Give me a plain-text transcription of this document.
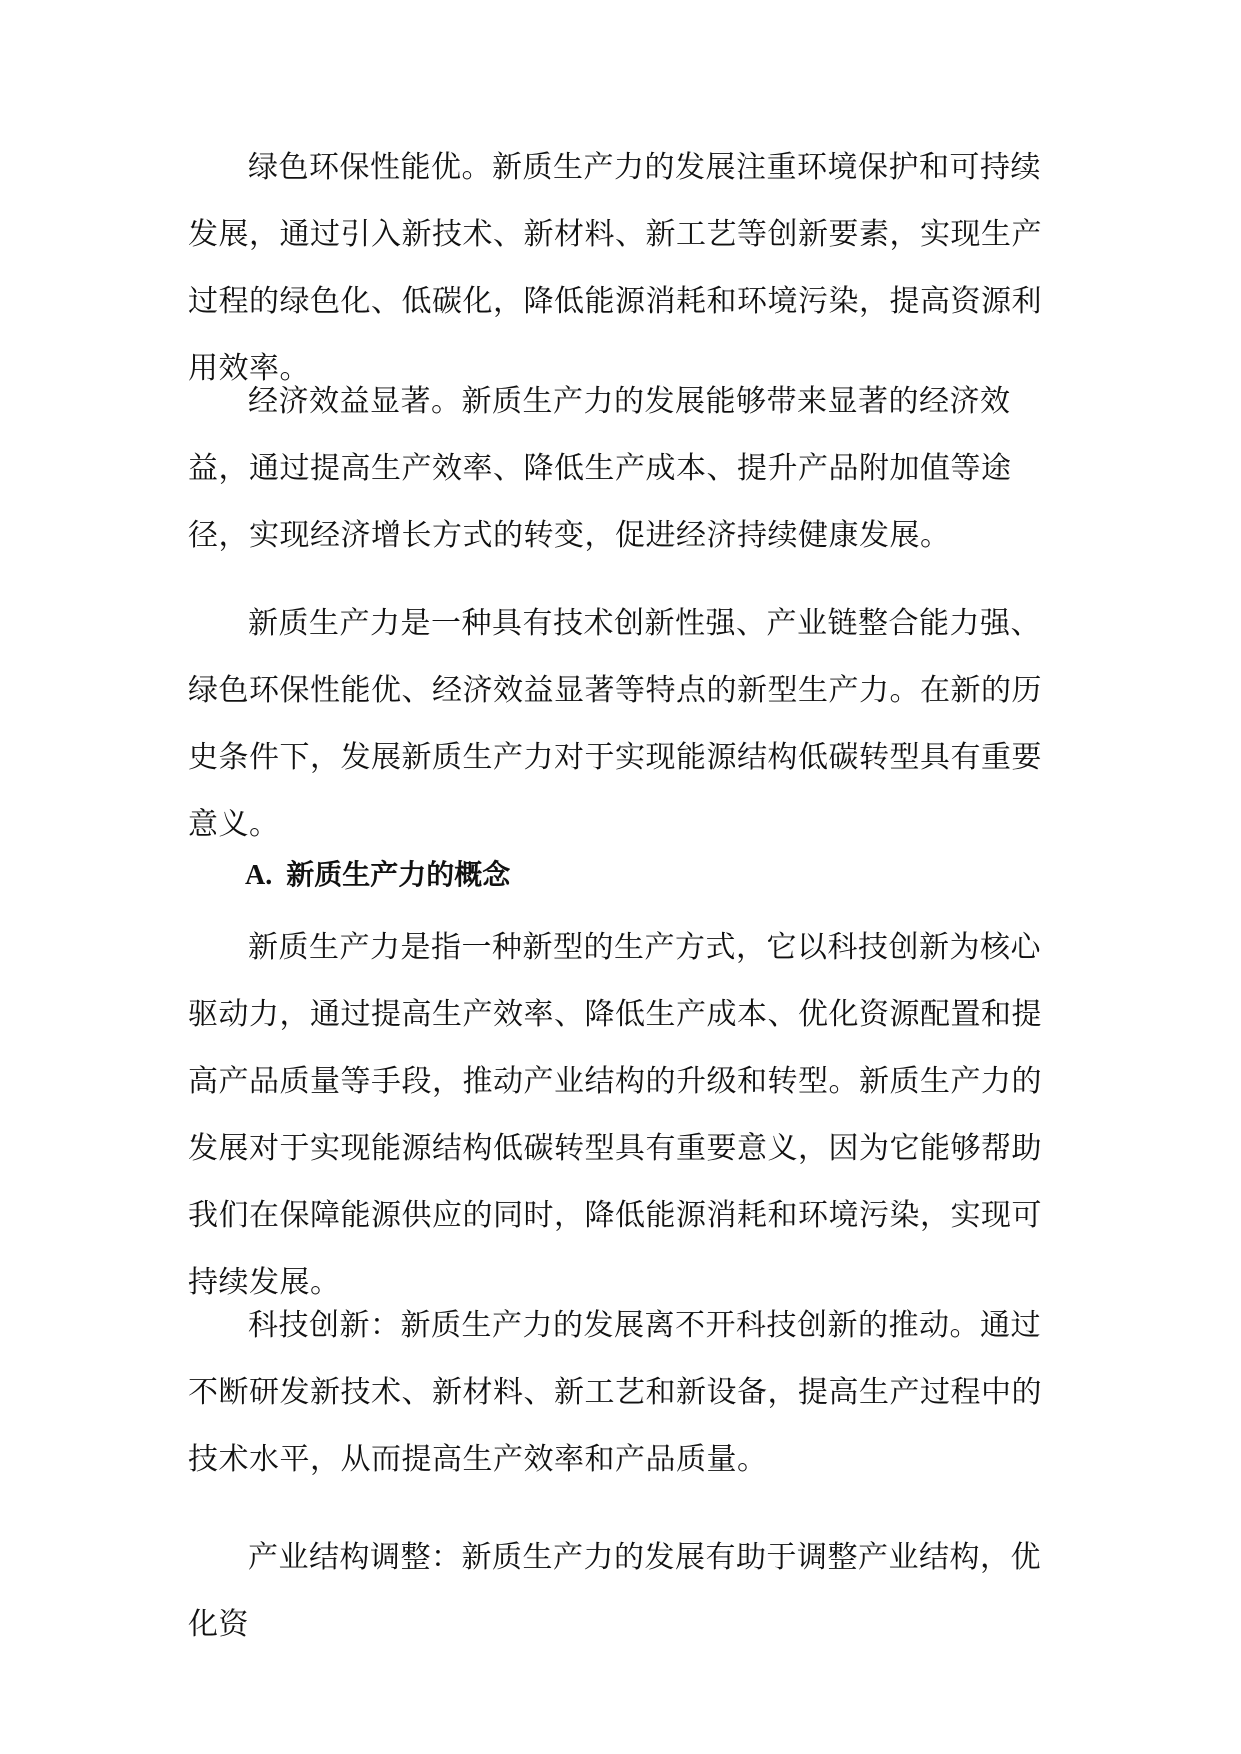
绿色环保性能优。新质生产力的发展注重环境保护和可持续发展，通过引入新技术、新材料、新工艺等创新要素，实现生产过程的绿色化、低碳化，降低能源消耗和环境污染，提高资源利用效率。

经济效益显著。新质生产力的发展能够带来显著的经济效益，通过提高生产效率、降低生产成本、提升产品附加值等途径，实现经济增长方式的转变，促进经济持续健康发展。

新质生产力是一种具有技术创新性强、产业链整合能力强、绿色环保性能优、经济效益显著等特点的新型生产力。在新的历史条件下，发展新质生产力对于实现能源结构低碳转型具有重要意义。

A. 新质生产力的概念

新质生产力是指一种新型的生产方式，它以科技创新为核心驱动力，通过提高生产效率、降低生产成本、优化资源配置和提高产品质量等手段，推动产业结构的升级和转型。新质生产力的发展对于实现能源结构低碳转型具有重要意义，因为它能够帮助我们在保障能源供应的同时，降低能源消耗和环境污染，实现可持续发展。

科技创新：新质生产力的发展离不开科技创新的推动。通过不断研发新技术、新材料、新工艺和新设备，提高生产过程中的技术水平，从而提高生产效率和产品质量。

产业结构调整：新质生产力的发展有助于调整产业结构，优化资
